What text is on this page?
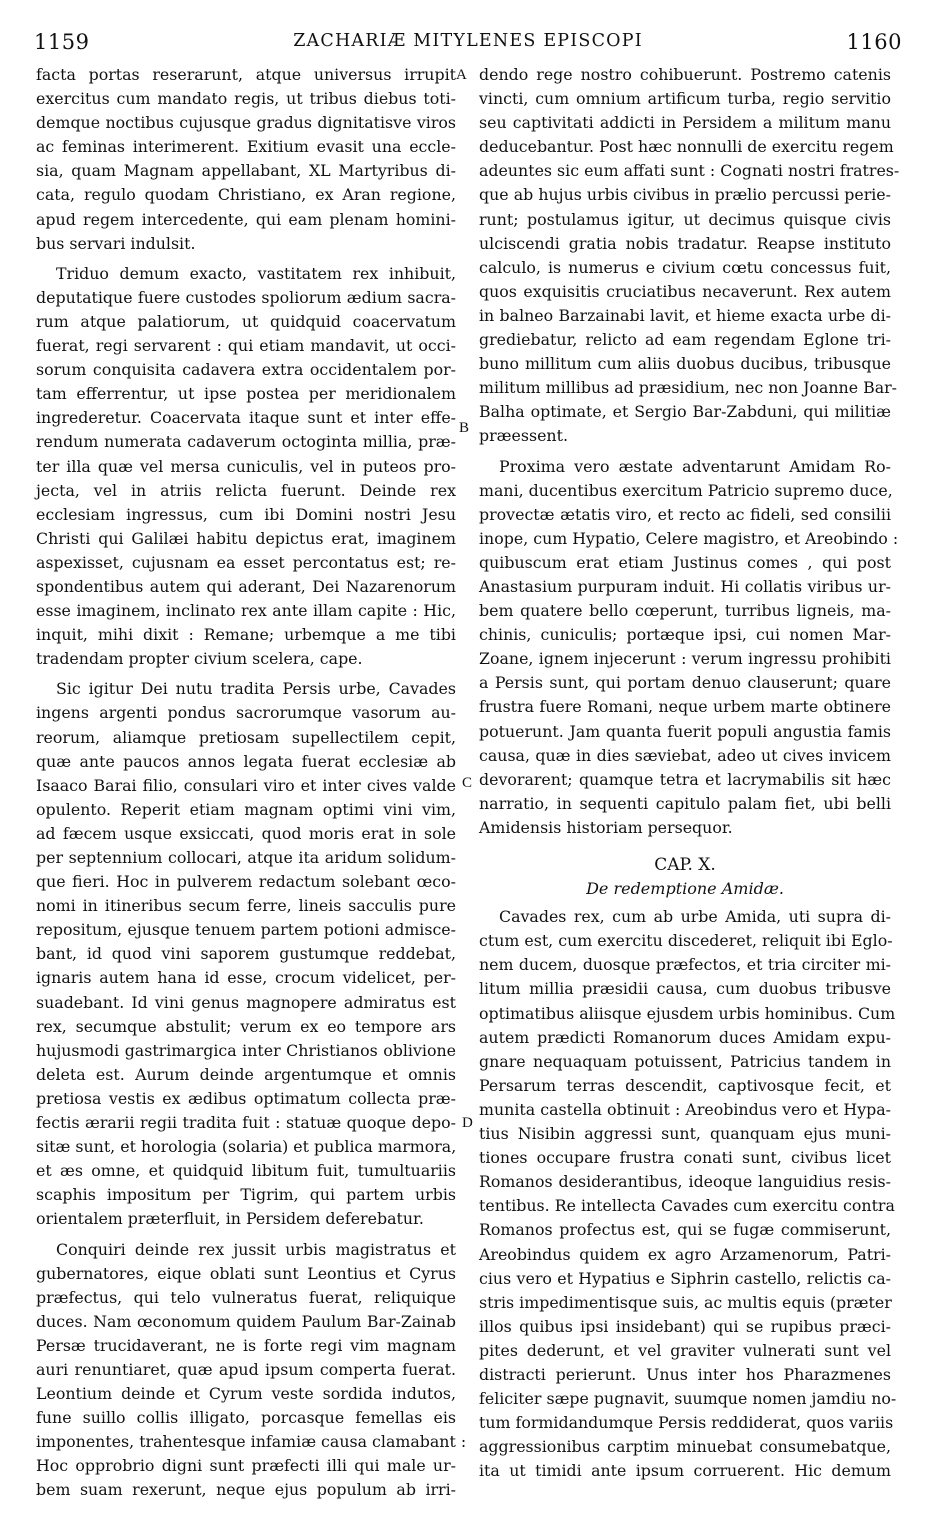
1159	ZACHARIÆ MITYLENES EPISCOPI	1160
facta portas reserarunt, atque universus irrupit
exercitus cum mandato regis, ut tribus diebus toti-
demque noctibus cujusque gradus dignitatisve viros
ac feminas interimerent. Exitium evasit una eccle-
sia, quam Magnam appellabant, XL Martyribus di-
cata, regulo quodam Christiano, ex Aran regione,
apud regem intercedente, qui eam plenam homini-
bus servari indulsit.
Triduo demum exacto, vastitatem rex inhibuit,
deputatique fuere custodes spoliorum ædium sacra-
rum atque palatiorum, ut quidquid coacervatum
fuerat, regi servarent : qui etiam mandavit, ut occi-
sorum conquisita cadavera extra occidentalem por-
tam efferrentur, ut ipse postea per meridionalem
ingrederetur. Coacervata itaque sunt et inter effe-
rendum numerata cadaverum octoginta millia, præ-
ter illa quæ vel mersa cuniculis, vel in puteos pro-
jecta, vel in atriis relicta fuerunt. Deinde rex
ecclesiam ingressus, cum ibi Domini nostri Jesu
Christi qui Galilæi habitu depictus erat, imaginem
aspexisset, cujusnam ea esset percontatus est; re-
spondentibus autem qui aderant, Dei Nazarenorum
esse imaginem, inclinato rex ante illam capite : Hic,
inquit, mihi dixit : Remane; urbemque a me tibi
tradendam propter civium scelera, cape.
Sic igitur Dei nutu tradita Persis urbe, Cavades
ingens argenti pondus sacrorumque vasorum au-
reorum, aliamque pretiosam supellectilem cepit,
quæ ante paucos annos legata fuerat ecclesiæ ab
Isaaco Barai filio, consulari viro et inter cives valde
opulento. Reperit etiam magnam optimi vini vim,
ad fæcem usque exsiccati, quod moris erat in sole
per septennium collocari, atque ita aridum solidum-
que fieri. Hoc in pulverem redactum solebant œco-
nomi in itineribus secum ferre, lineis sacculis pure
repositum, ejusque tenuem partem potioni admisce-
bant, id quod vini saporem gustumque reddebat,
ignaris autem hana id esse, crocum videlicet, per-
suadebant. Id vini genus magnopere admiratus est
rex, secumque abstulit; verum ex eo tempore ars
hujusmodi gastrimargica inter Christianos oblivione
deleta est. Aurum deinde argentumque et omnis
pretiosa vestis ex ædibus optimatum collecta præ-
fectis ærarii regii tradita fuit : statuæ quoque depo-
sitæ sunt, et horologia (solaria) et publica marmora,
et æs omne, et quidquid libitum fuit, tumultuariis
scaphis impositum per Tigrim, qui partem urbis
orientalem præterfluit, in Persidem deferebatur.
Conquiri deinde rex jussit urbis magistratus et
gubernatores, eique oblati sunt Leontius et Cyrus
præfectus, qui telo vulneratus fuerat, reliquique
duces. Nam œconomum quidem Paulum Bar-Zainab
Persæ trucidaverant, ne is forte regi vim magnam
auri renuntiaret, quæ apud ipsum comperta fuerat.
Leontium deinde et Cyrum veste sordida indutos,
fune suillo collis illigato, porcasque femellas eis
imponentes, trahentesque infamiæ causa clamabant :
Hoc opprobrio digni sunt præfecti illi qui male ur-
bem suam rexerunt, neque ejus populum ab irri-
dendo rege nostro cohibuerunt. Postremo catenis
vincti, cum omnium artificum turba, regio servitio
seu captivitati addicti in Persidem a militum manu
deducebantur. Post hæc nonnulli de exercitu regem
adeuntes sic eum affati sunt : Cognati nostri fratres-
que ab hujus urbis civibus in prælio percussi perie-
runt; postulamus igitur, ut decimus quisque civis
ulciscendi gratia nobis tradatur. Reapse instituto
calculo, is numerus e civium cœtu concessus fuit,
quos exquisitis cruciatibus necaverunt. Rex autem
in balneo Barzainabi lavit, et hieme exacta urbe di-
grediebatur, relicto ad eam regendam Eglone tri-
buno millitum cum aliis duobus ducibus, tribusque
militum millibus ad præsidium, nec non Joanne Bar-
Balha optimate, et Sergio Bar-Zabduni, qui militiæ
præessent.
Proxima vero æstate adventarunt Amidam Ro-
mani, ducentibus exercitum Patricio supremo duce,
provectæ ætatis viro, et recto ac fideli, sed consilii
inope, cum Hypatio, Celere magistro, et Areobindo :
quibuscum erat etiam Justinus comes , qui post
Anastasium purpuram induit. Hi collatis viribus ur-
bem quatere bello cœperunt, turribus ligneis, ma-
chinis, cuniculis; portæque ipsi, cui nomen Mar-
Zoane, ignem injecerunt : verum ingressu prohibiti
a Persis sunt, qui portam denuo clauserunt; quare
frustra fuere Romani, neque urbem marte obtinere
potuerunt. Jam quanta fuerit populi angustia famis
causa, quæ in dies sæviebat, adeo ut cives invicem
devorarent; quamque tetra et lacrymabilis sit hæc
narratio, in sequenti capitulo palam fiet, ubi belli
Amidensis historiam persequor.
CAP. X.
De redemptione Amidæ.
Cavades rex, cum ab urbe Amida, uti supra di-
ctum est, cum exercitu discederet, reliquit ibi Eglo-
nem ducem, duosque præfectos, et tria circiter mi-
litum millia præsidii causa, cum duobus tribusve
optimatibus aliisque ejusdem urbis hominibus. Cum
autem prædicti Romanorum duces Amidam expu-
gnare nequaquam potuissent, Patricius tandem in
Persarum terras descendit, captivosque fecit, et
munita castella obtinuit : Areobindus vero et Hypa-
tius Nisibin aggressi sunt, quanquam ejus muni-
tiones occupare frustra conati sunt, civibus licet
Romanos desiderantibus, ideoque languidius resis-
tentibus. Re intellecta Cavades cum exercitu contra
Romanos profectus est, qui se fugæ commiserunt,
Areobindus quidem ex agro Arzamenorum, Patri-
cius vero et Hypatius e Siphrin castello, relictis ca-
stris impedimentisque suis, ac multis equis (præter
illos quibus ipsi insidebant) qui se rupibus præci-
pites dederunt, et vel graviter vulnerati sunt vel
distracti perierunt. Unus inter hos Pharazmenes
feliciter sæpe pugnavit, suumque nomen jamdiu no-
tum formidandumque Persis reddiderat, quos variis
aggressionibus carptim minuebat consumebatque,
ita ut timidi ante ipsum corruerent. Hic demum
A
B
C
D
